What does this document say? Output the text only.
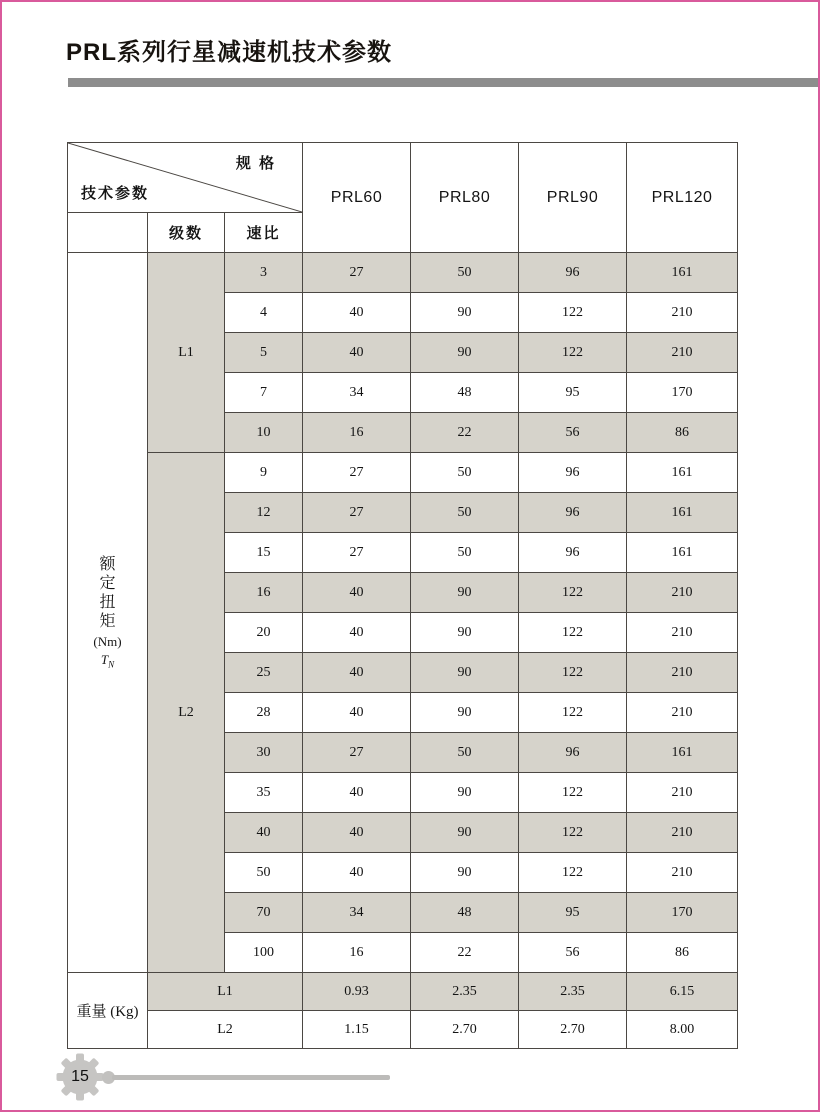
PRL系列行星减速机技术参数
规 格
技术参数			PRL60	PRL80	PRL90	PRL120
	级数	速比				

额
定
扭
矩
(Nm)
$T_N$
	L1	3	27	50	96	161
		4	40	90	122	210
		5	40	90	122	210
		7	34	48	95	170
		10	16	22	56	86
	L2	9	27	50	96	161
		12	27	50	96	161
		15	27	50	96	161
		16	40	90	122	210
		20	40	90	122	210
		25	40	90	122	210
		28	40	90	122	210
		30	27	50	96	161
		35	40	90	122	210
		40	40	90	122	210
		50	40	90	122	210
		70	34	48	95	170
		100	16	22	56	86
重量 (Kg)	L1		0.93	2.35	2.35	6.15
	L2		1.15	2.70	2.70	8.00
15
